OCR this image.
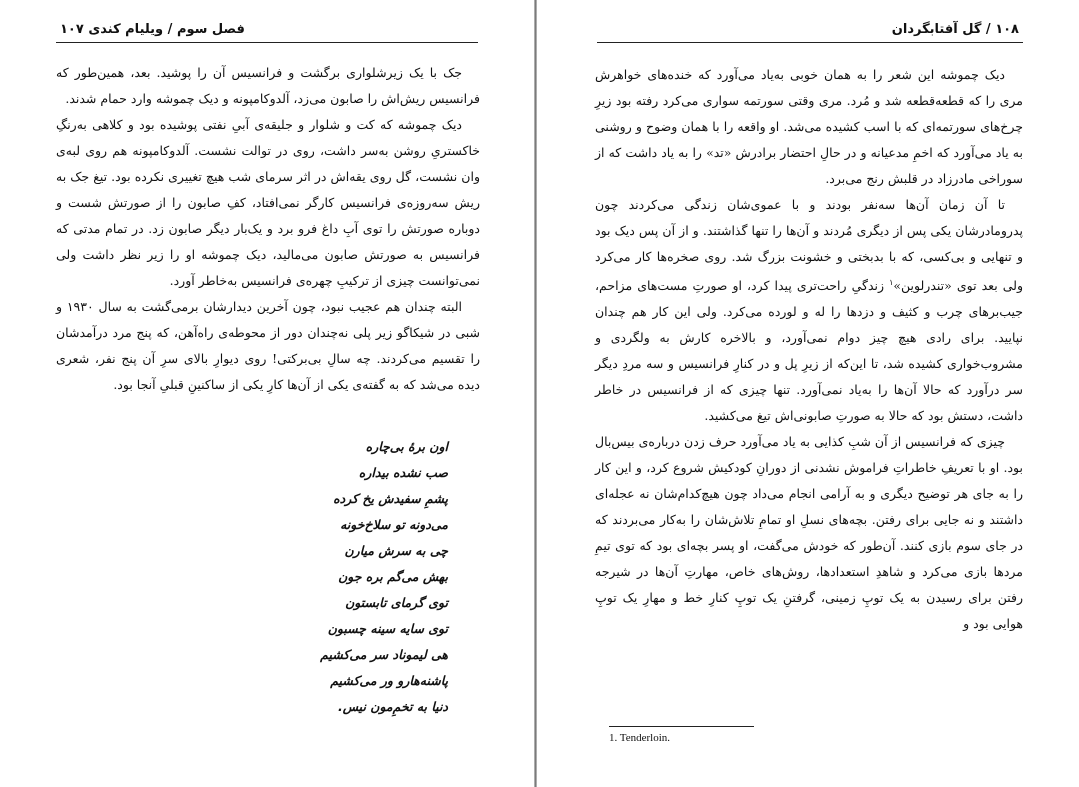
فصل سوم / ویلیام کندی ۱۰۷

جک با یک زیرشلواری برگشت و فرانسیس آن را پوشید. بعد، همین‌طور که فرانسیس ریش‌اش را صابون می‌زد، آلدوکامپونه و دیک چموشه وارد حمام شدند.

دیک چموشه که کت و شلوار و جلیقه‌ی آبیِ نفتی پوشیده بود و کلاهی به‌رنگِ خاکستریِ روشن به‌سر داشت، روی در توالت نشست. آلدوکامپونه هم روی لبه‌ی وان نشست، گل روی یقه‌اش در اثر سرمای شب هیچ تغییری نکرده بود. تیغ جک به ریش سه‌روزه‌ی فرانسیس کارگر نمی‌افتاد، کفِ صابون را از صورتش شست و دوباره صورتش را توی آبِ داغ فرو برد و یک‌بار دیگر صابون زد. در تمام مدتی که فرانسیس به صورتش صابون می‌مالید، دیک چموشه او را زیر نظر داشت ولی نمی‌توانست چیزی از ترکیبِ چهره‌ی فرانسیس به‌خاطر آورد.

البته چندان هم عجیب نبود، چون آخرین دیدارشان برمی‌گشت به سال ۱۹۳۰ و شبی در شیکاگو زیر پلی نه‌چندان دور از محوطه‌ی راه‌آهن، که پنج مرد درآمدشان را تقسیم می‌کردند. چه سالِ بی‌برکتی! روی دیوارِ بالای سرِ آن پنج نفر، شعری دیده می‌شد که به گفته‌ی یکی از آن‌ها کارِ یکی از ساکنینِ قبلیِ آنجا بود.

اون برهٔ بی‌چاره
صب نشده بیداره
پشمِ سفیدش یخ کرده
می‌دونه تو سلاخ‌خونه
چی به سرش میارن
بهش می‌گم بره جون
توی گرمای تابستون
توی سایه سینه چسبون
هی لیموناد سر می‌کشیم
پاشنه‌هارو ور می‌کشیم
دنیا به تخمِ‌مون نیس.
۱۰۸ / گل آفتابگردان

دیک چموشه این شعر را به همان خوبی به‌یاد می‌آورد که خنده‌های خواهرش مری را که قطعه‌قطعه شد و مُرد. مری وقتی سورتمه سواری می‌کرد رفته بود زیرِ چرخ‌های سورتمه‌ای که با اسب کشیده می‌شد. او واقعه را با همان وضوح و روشنی به یاد می‌آورد که اخمِ مدعیانه و در حالِ احتضار برادرش «تد» را به یاد داشت که از سوراخی مادرزاد در قلبش رنج می‌برد.

تا آن زمان آن‌ها سه‌نفر بودند و با عموی‌شان زندگی می‌کردند چون پدرومادرشان یکی پس از دیگری مُردند و آن‌ها را تنها گذاشتند. و از آن پس دیک بود و تنهایی و بی‌کسی، که با بدبختی و خشونت بزرگ شد. روی صخره‌ها کار می‌کرد ولی بعد توی «تندرلوین»$^۱$ زندگیِ راحت‌تری پیدا کرد، او صورتِ مست‌های مزاحم، جیب‌برهای چرب و کثیف و دزدها را له و لورده می‌کرد. ولی این کار هم چندان نپایید. برای رادی هیچ چیز دوام نمی‌آورد، و بالاخره کارش به ولگردی و مشروب‌خواری کشیده شد، تا این‌که از زیرِ پل و در کنارِ فرانسیس و سه مردِ دیگر سر درآورد که حالا آن‌ها را به‌یاد نمی‌آورد. تنها چیزی که از فرانسیس در خاطر داشت، دستش بود که حالا به صورتِ صابونی‌اش تیغ می‌کشید.

چیزی که فرانسیس از آن شبِ کذایی به یاد می‌آورد حرف زدن درباره‌ی بیس‌بال بود. او با تعریفِ خاطراتِ فراموش نشدنی از دورانِ کودکیش شروع کرد، و این کار را به جای هر توضیح دیگری و به آرامی انجام می‌داد چون هیچ‌کدام‌شان نه عجله‌ای داشتند و نه جایی برای رفتن. بچه‌های نسلِ او تمامِ تلاش‌شان را به‌کار می‌بردند که در جای سوم بازی کنند. آن‌طور که خودش می‌گفت، او پسر بچه‌ای بود که توی تیمِ مردها بازی می‌کرد و شاهدِ استعدادها، روش‌های خاص، مهارتِ آن‌ها در شیرجه رفتن برای رسیدن به یک توپِ زمینی، گرفتنِ یک توپِ کنارِ خط و مهارِ یک توپِ هوایی بود و

1. Tenderloin.
